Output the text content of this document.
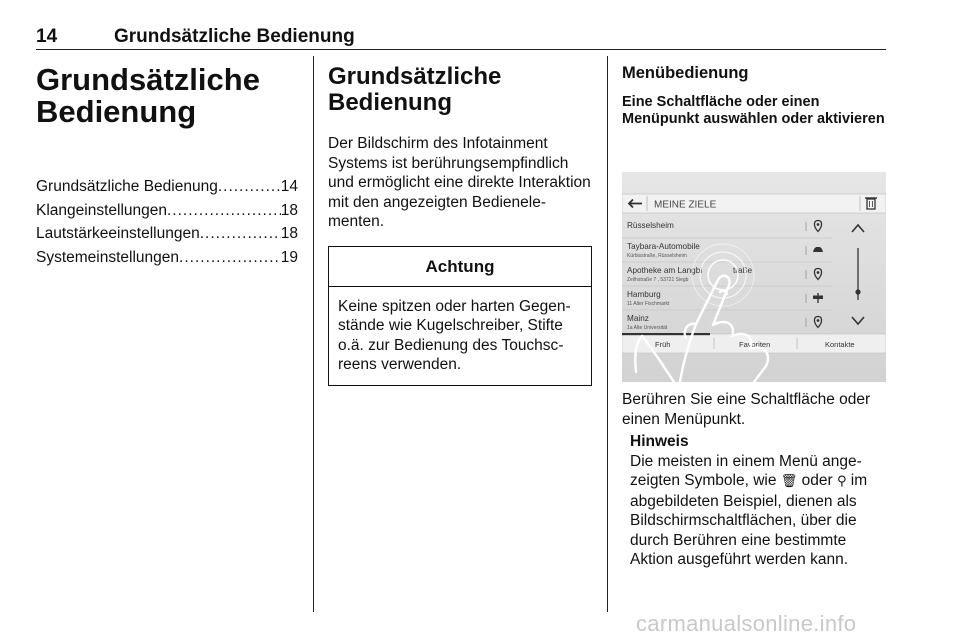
14	Grundsätzliche Bedienung
Grundsätzliche Bedienung
Grundsätzliche Bedienung .....	14
Klangeinstellungen .....	18
Lautstärkeeinstellungen .....	18
Systemeinstellungen .....	19
Grundsätzliche Bedienung

Der Bildschirm des Infotainment Systems ist berührungsempfindlich und ermöglicht eine direkte Interaktion mit den angezeigten Bedienelementen.

Achtung
Keine spitzen oder harten Gegenstände wie Kugelschreiber, Stifte o.ä. zur Bedienung des Touchscreens verwenden.
Menübedienung
Eine Schaltfläche oder einen Menüpunkt auswählen oder aktivieren
MEINE ZIELE
Rüsselsheim
Taybara-Automobile
Kürbisstraße, Rüsselsheim
Apotheke am Langbi
Zeilhstraße 7 , 53721 Siegb
traße
Hamburg
11 Alter Fischmarkt
Mainz
1a Alte Universität
Früh	Favoriten	Kontakte

Berühren Sie eine Schaltfläche oder einen Menüpunkt.

Hinweis
Die meisten in einem Menü angezeigten Symbole, wie 🗑 oder ⚲ im abgebildeten Beispiel, dienen als Bildschirmschaltflächen, über die durch Berühren eine bestimmte Aktion ausgeführt werden kann.
carmanualsonline.info
